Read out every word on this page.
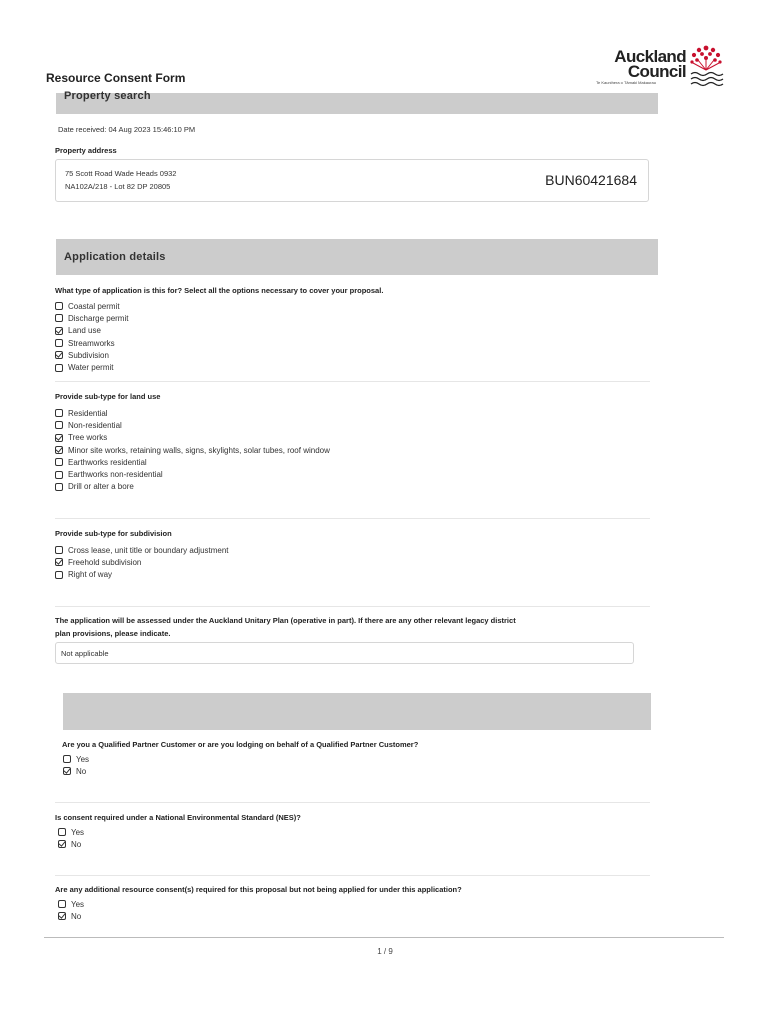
Resource Consent Form
Auckland
Council
Te Kaunihera o Tāmaki Makaurau
Property search
Date received: 04 Aug 2023 15:46:10 PM
Property address
75 Scott Road Wade Heads 0932
NA102A/218 - Lot 82 DP 20805	BUN60421684
Application details
What type of application is this for? Select all the options necessary to cover your proposal.
Coastal permit
Discharge permit
Land use
Streamworks
Subdivision
Water permit
Provide sub-type for land use
Residential
Non-residential
Tree works
Minor site works, retaining walls, signs, skylights, solar tubes, roof window
Earthworks residential
Earthworks non-residential
Drill or alter a bore
Provide sub-type for subdivision
Cross lease, unit title or boundary adjustment
Freehold subdivision
Right of way
The application will be assessed under the Auckland Unitary Plan (operative in part). If there are any other relevant legacy district
plan provisions, please indicate.
Not applicable
Are you a Qualified Partner Customer or are you lodging on behalf of a Qualified Partner Customer?
Yes
No
Is consent required under a National Environmental Standard (NES)?
Yes
No
Are any additional resource consent(s) required for this proposal but not being applied for under this application?
Yes
No
1 / 9
